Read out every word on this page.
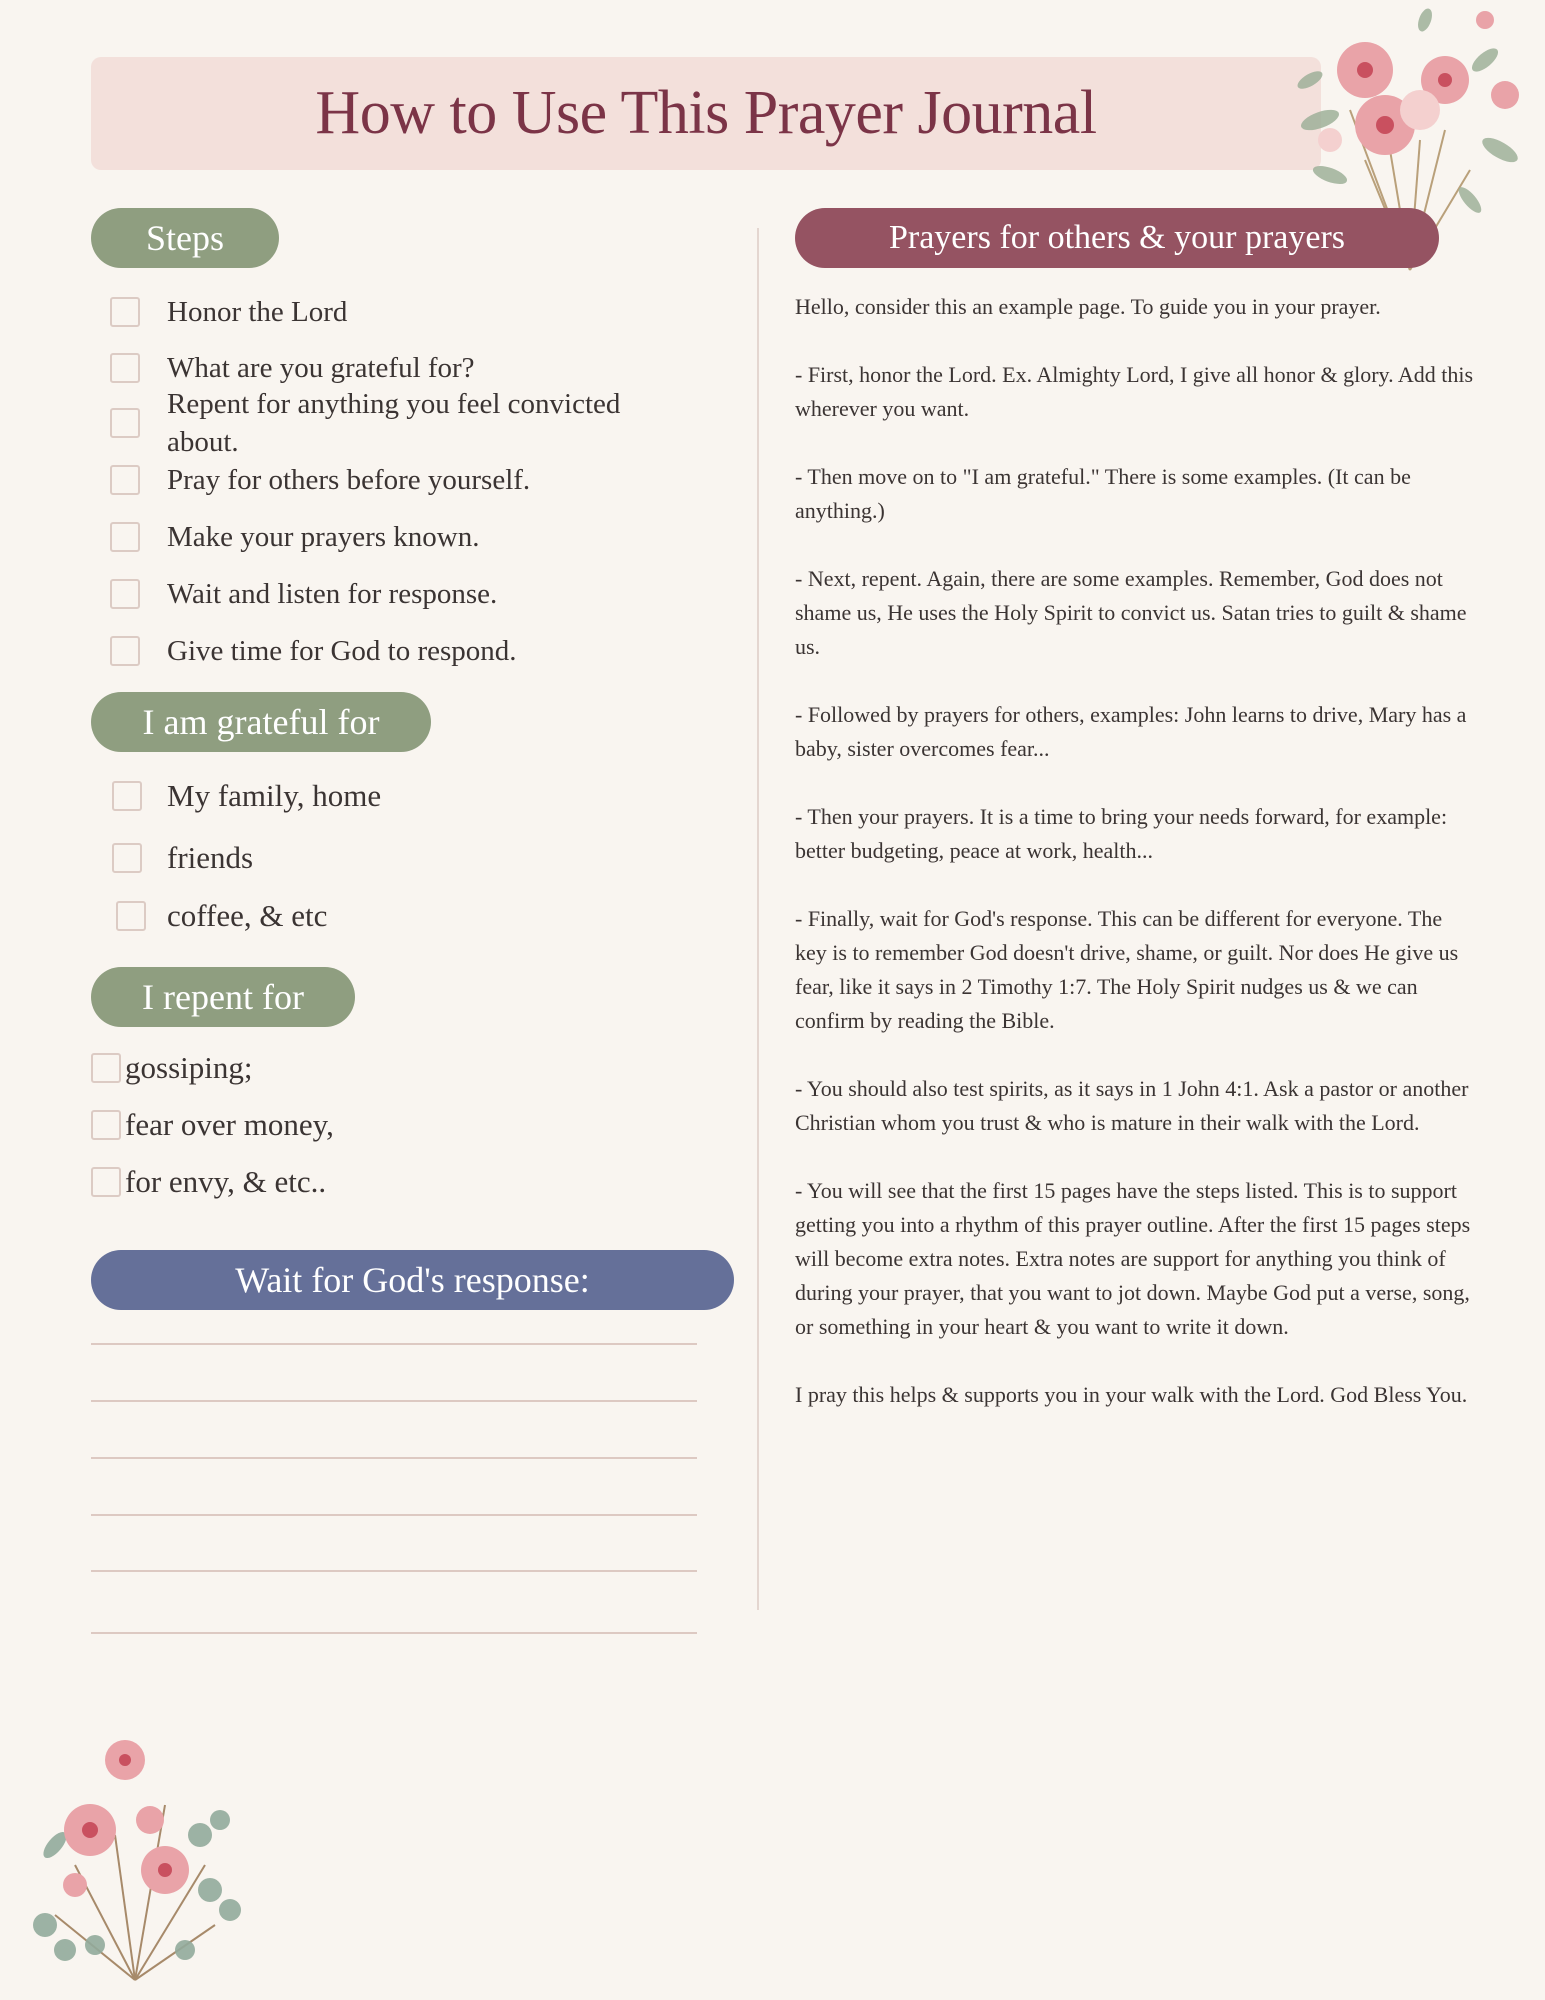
How to Use This Prayer Journal
Steps
Honor the Lord
What are you grateful for?
Repent for anything you feel convicted about.
Pray for others before yourself.
Make your prayers known.
Wait and listen for response.
Give time for God to respond.
I am grateful for
My family, home
friends
coffee, & etc
I repent for
gossiping;
fear over money,
for envy, & etc..
Wait for God's response:
Prayers for others & your prayers

Hello, consider this an example page. To guide you in your prayer.

- First, honor the Lord. Ex. Almighty Lord, I give all honor & glory. Add this wherever you want.

- Then move on to "I am grateful." There is some examples. (It can be anything.)

- Next, repent. Again, there are some examples. Remember, God does not shame us, He uses the Holy Spirit to convict us. Satan tries to guilt & shame us.

- Followed by prayers for others, examples: John learns to drive, Mary has a baby, sister overcomes fear...

- Then your prayers. It is a time to bring your needs forward, for example: better budgeting, peace at work, health...

- Finally, wait for God's response. This can be different for everyone. The key is to remember God doesn't drive, shame, or guilt. Nor does He give us fear, like it says in 2 Timothy 1:7. The Holy Spirit nudges us & we can confirm by reading the Bible.

- You should also test spirits, as it says in 1 John 4:1. Ask a pastor or another Christian whom you trust & who is mature in their walk with the Lord.

- You will see that the first 15 pages have the steps listed. This is to support getting you into a rhythm of this prayer outline. After the first 15 pages steps will become extra notes. Extra notes are support for anything you think of during your prayer, that you want to jot down. Maybe God put a verse, song, or something in your heart & you want to write it down.

I pray this helps & supports you in your walk with the Lord. God Bless You.
